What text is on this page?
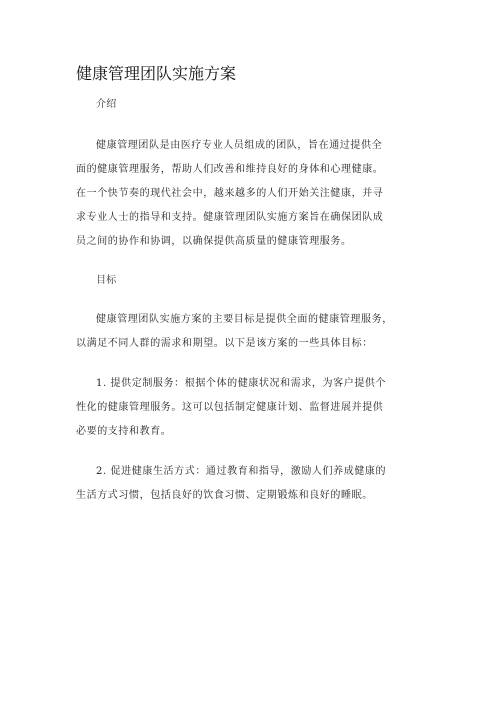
健康管理团队实施方案

介绍

健康管理团队是由医疗专业人员组成的团队，旨在通过提供全

面的健康管理服务，帮助人们改善和维持良好的身体和心理健康。

在一个快节奏的现代社会中，越来越多的人们开始关注健康，并寻

求专业人士的指导和支持。健康管理团队实施方案旨在确保团队成

员之间的协作和协调，以确保提供高质量的健康管理服务。

目标

健康管理团队实施方案的主要目标是提供全面的健康管理服务，

以满足不同人群的需求和期望。以下是该方案的一些具体目标：

1. 提供定制服务：根据个体的健康状况和需求，为客户提供个

性化的健康管理服务。这可以包括制定健康计划、监督进展并提供

必要的支持和教育。

2. 促进健康生活方式：通过教育和指导，激励人们养成健康的

生活方式习惯，包括良好的饮食习惯、定期锻炼和良好的睡眠。
